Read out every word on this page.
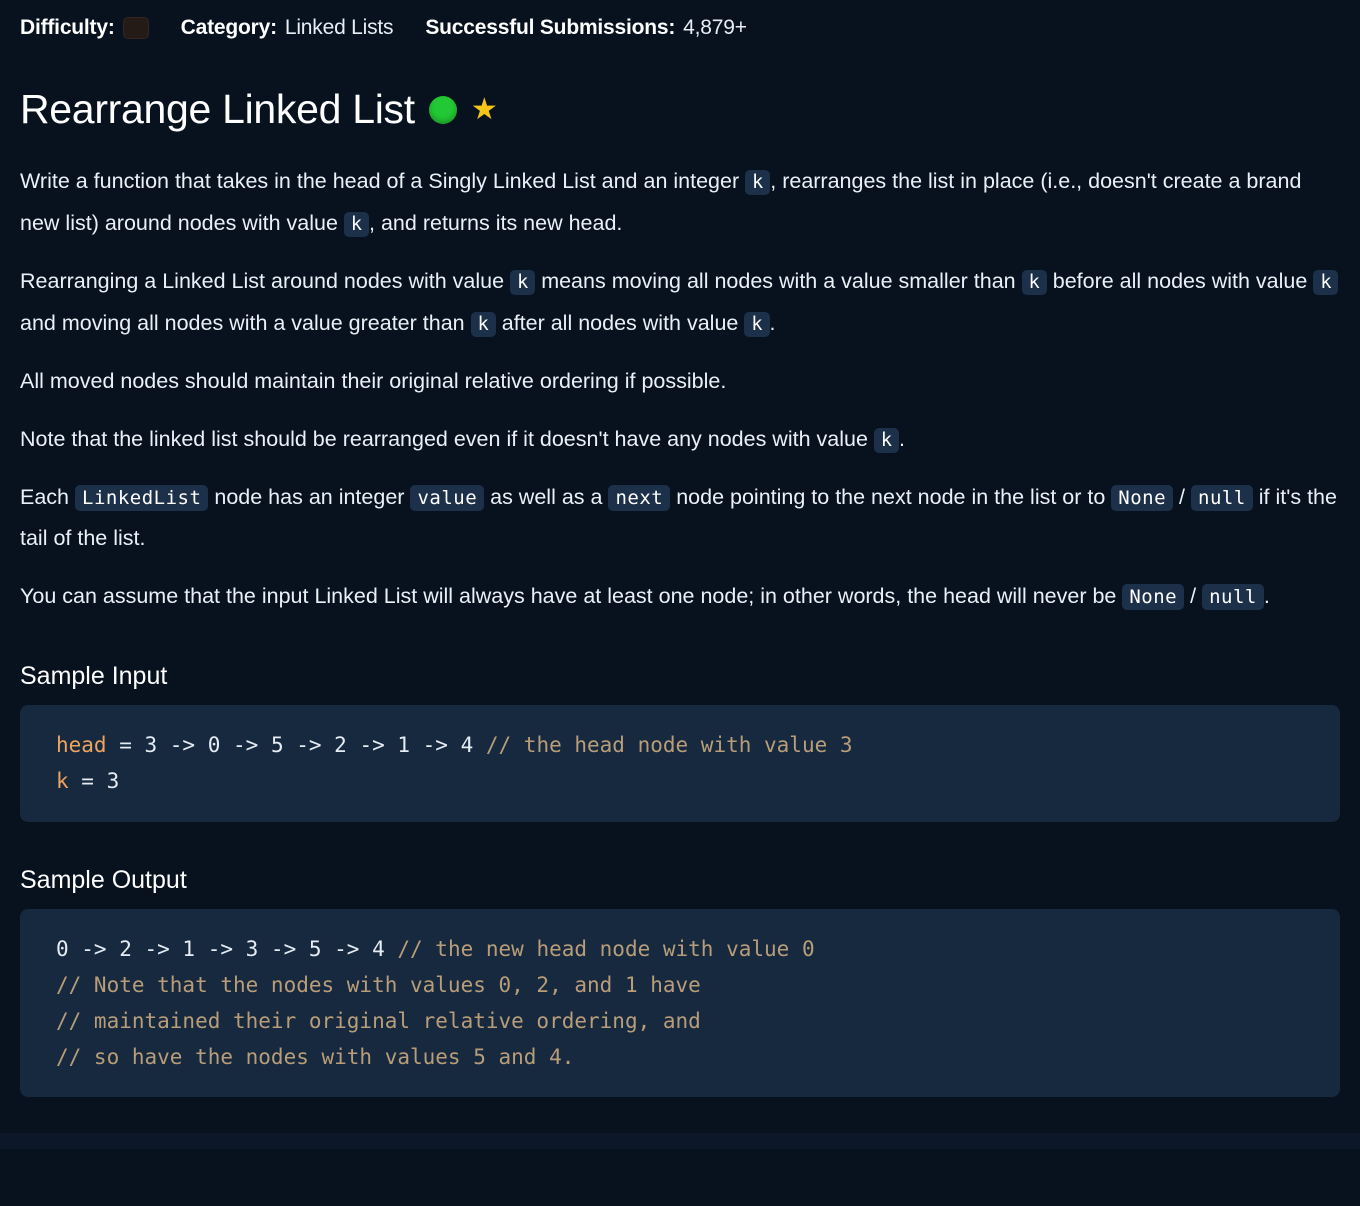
Difficulty:	Category: Linked Lists Successful Submissions: 4,879+
Rearrange Linked List ★

Write a function that takes in the head of a Singly Linked List and an integer k , rearranges the list in place (i.e., doesn't create a brand new list) around nodes with value k , and returns its new head.

Rearranging a Linked List around nodes with value k means moving all nodes with a value smaller than k before all nodes with value k and moving all nodes with a value greater than k after all nodes with value k .

All moved nodes should maintain their original relative ordering if possible.

Note that the linked list should be rearranged even if it doesn't have any nodes with value k .

Each LinkedList node has an integer value as well as a next node pointing to the next node in the list or to None / null if it's the tail of the list.

You can assume that the input Linked List will always have at least one node; in other words, the head will never be None / null .

Sample Input
head = 3 -> 0 -> 5 -> 2 -> 1 -> 4 // the head node with value 3
k = 3
Sample Output
0 -> 2 -> 1 -> 3 -> 5 -> 4 // the new head node with value 0
// Note that the nodes with values 0, 2, and 1 have
// maintained their original relative ordering, and
// so have the nodes with values 5 and 4.
